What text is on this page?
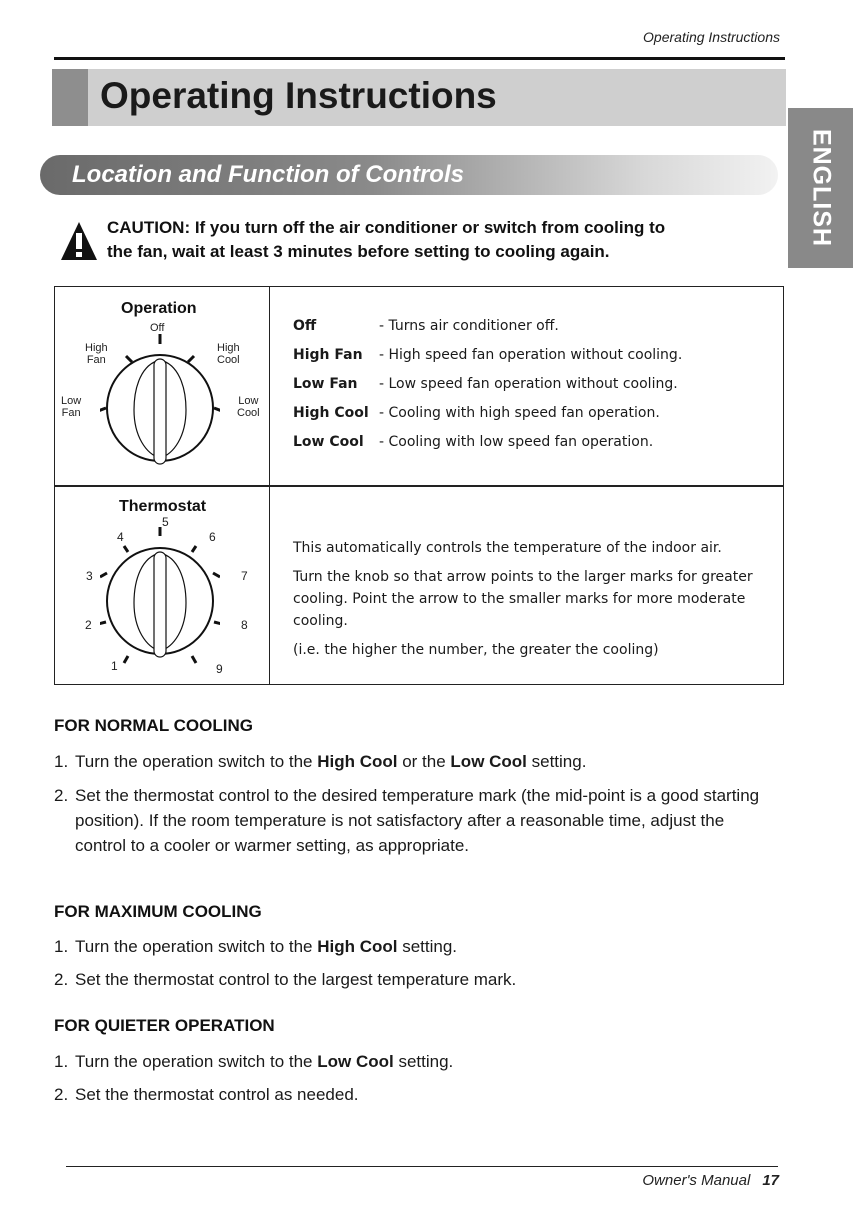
Operating Instructions
Operating Instructions
ENGLISH
Location and Function of Controls
CAUTION: If you turn off the air conditioner or switch from cooling to
the fan, wait at least 3 minutes before setting to cooling again.
Operation
Off
High
Fan
High
Cool
Low
Fan
Low
Cool
Off	- Turns air conditioner off.
High Fan - High speed fan operation without cooling.
Low Fan - Low speed fan operation without cooling.
High Cool - Cooling with high speed fan operation.
Low Cool - Cooling with low speed fan operation.
Thermostat
5
4	6
3	7
2	8
1	9
This automatically controls the temperature of the indoor air.
Turn the knob so that arrow points to the larger marks for greater cooling. Point the arrow to the smaller marks for more moderate cooling.
(i.e. the higher the number, the greater the cooling)
FOR NORMAL COOLING
1. Turn the operation switch to the High Cool or the Low Cool setting.
2. Set the thermostat control to the desired temperature mark (the mid-point is a good starting position). If the room temperature is not satisfactory after a reasonable time, adjust the control to a cooler or warmer setting, as appropriate.
FOR MAXIMUM COOLING
1. Turn the operation switch to the High Cool setting.
2. Set the thermostat control to the largest temperature mark.
FOR QUIETER OPERATION
1. Turn the operation switch to the Low Cool setting.
2. Set the thermostat control as needed.
Owner's Manual 17
